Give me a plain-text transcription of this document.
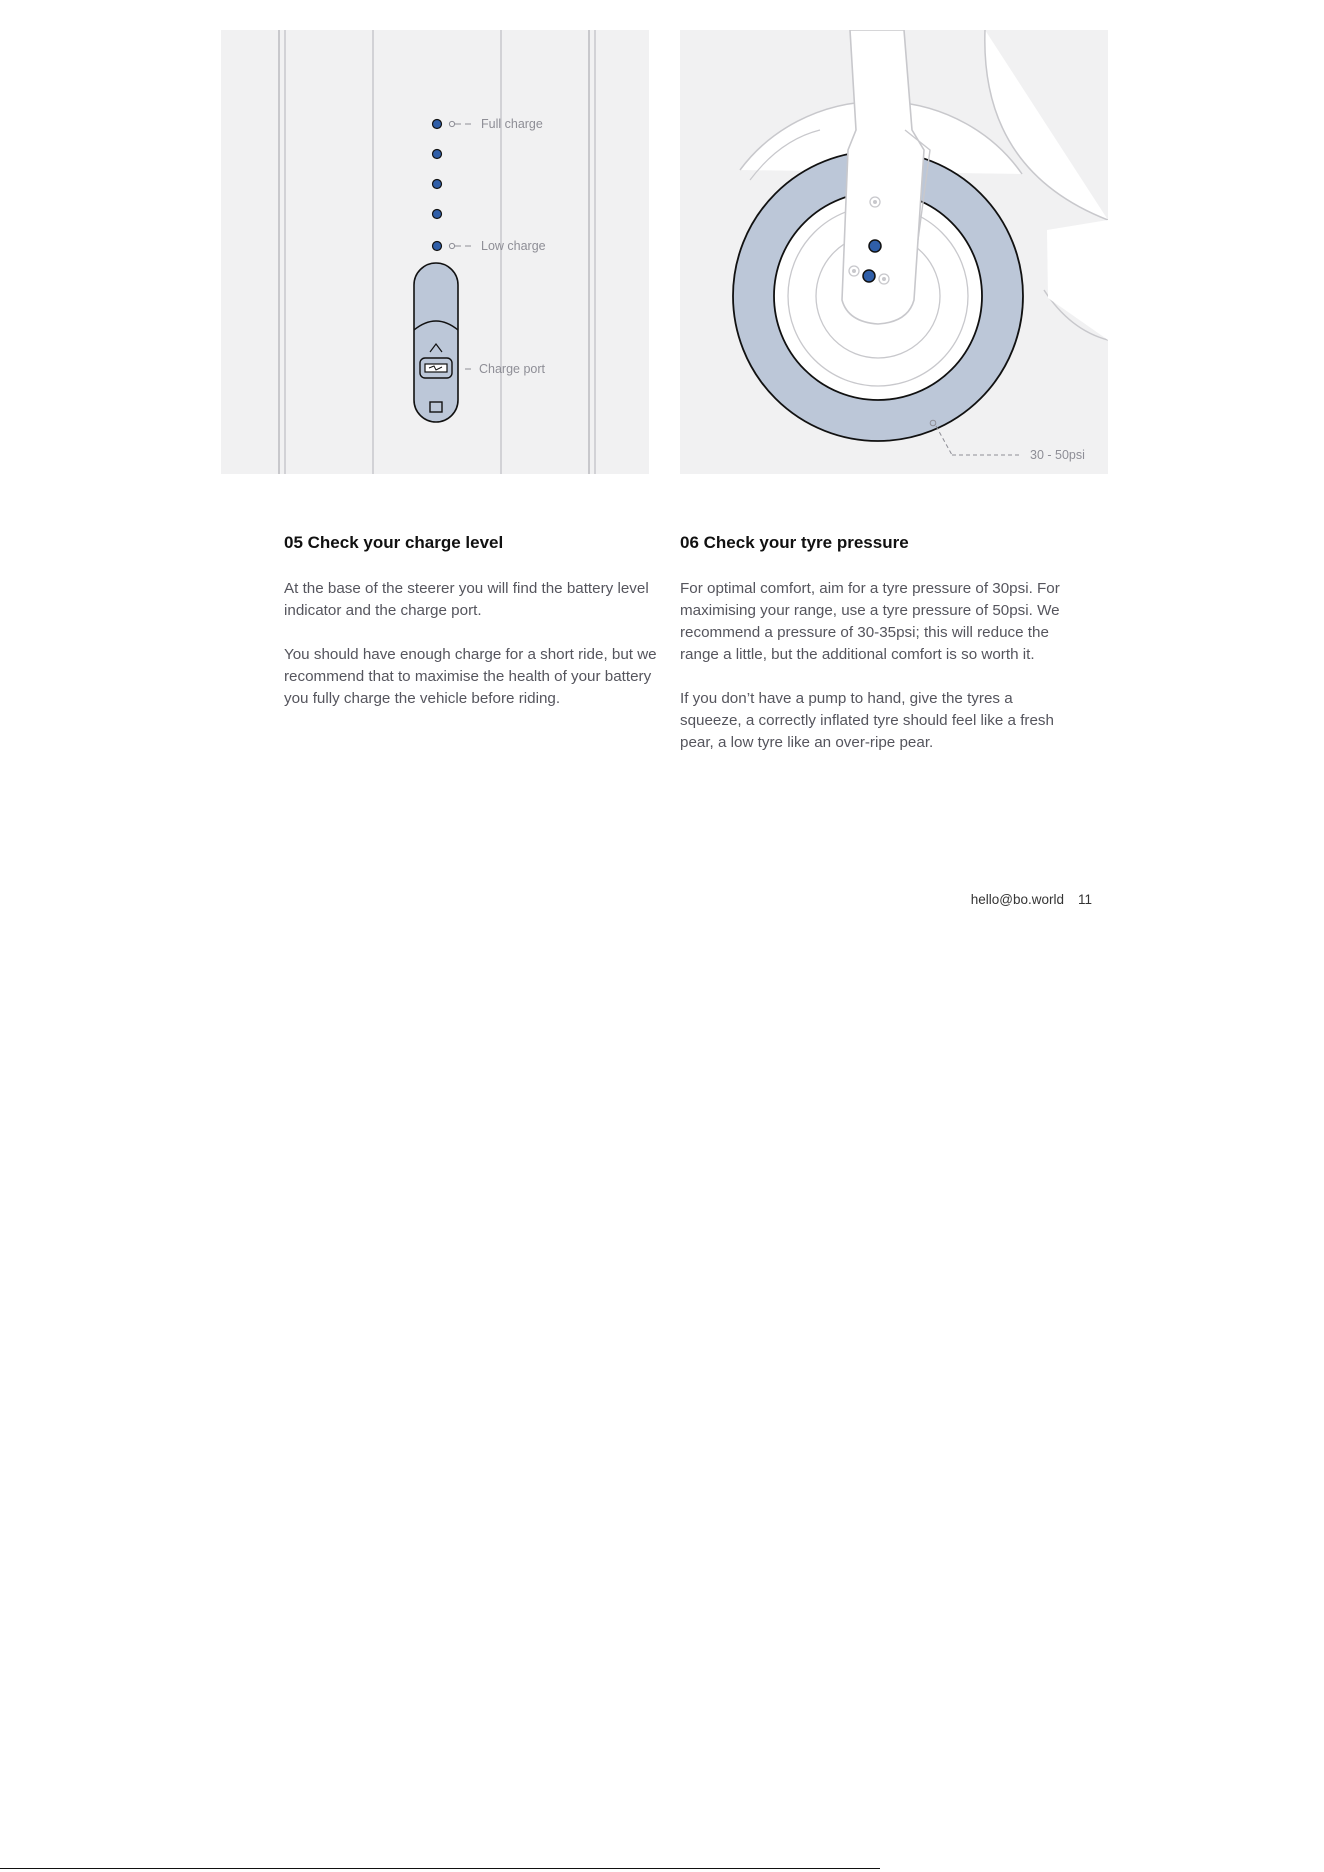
Full charge
Low charge
Charge port
30 - 50psi
05 Check your charge level

At the base of the steerer you will find the battery level indicator and the charge port.

You should have enough charge for a short ride, but we recommend that to maximise the health of your battery you fully charge the vehicle before riding.

06 Check your tyre pressure

For optimal comfort, aim for a tyre pressure of 30psi. For maximising your range, use a tyre pressure of 50psi. We recommend a pressure of 30-35psi; this will reduce the range a little, but the additional comfort is so worth it.

If you don’t have a pump to hand, give the tyres a squeeze, a correctly inflated tyre should feel like a fresh pear, a low tyre like an over-ripe pear.

hello@bo.world 11
